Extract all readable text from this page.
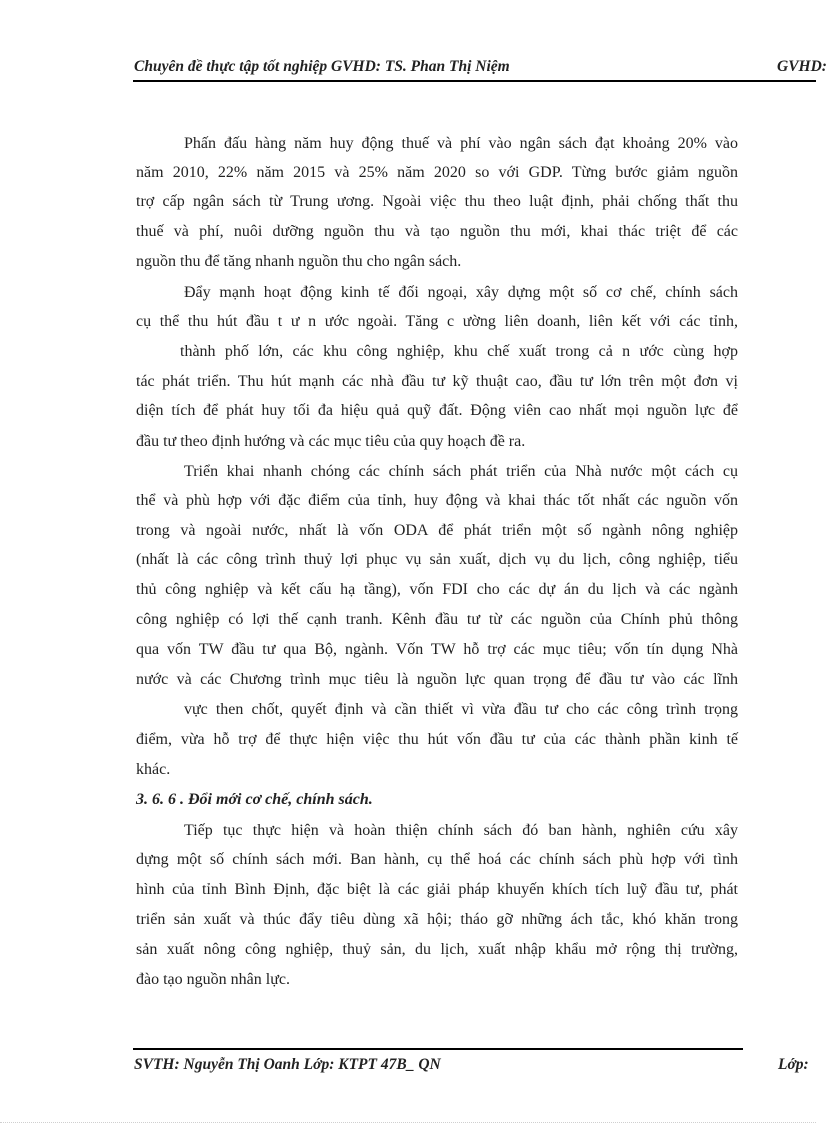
Chuyên đề thực tập tốt nghiệp GVHD: TS. Phan Thị Niệm	GVHD:
Phấn đấu hàng năm huy động thuế và phí vào ngân sách đạt khoảng 20% vào
năm 2010, 22% năm 2015 và 25% năm 2020 so với GDP. Từng bước giảm nguồn
trợ cấp ngân sách từ Trung ương. Ngoài việc thu theo luật định, phải chống thất thu
thuế và phí, nuôi dưỡng nguồn thu và tạo nguồn thu mới, khai thác triệt để các
nguồn thu để tăng nhanh nguồn thu cho ngân sách.
Đẩy mạnh hoạt động kinh tế đối ngoại, xây dựng một số cơ chế, chính sách
cụ thể thu hút đầu t ư n ước ngoài. Tăng c ường liên doanh, liên kết với các tỉnh,
thành phố lớn, các khu công nghiệp, khu chế xuất trong cả n ước cùng hợp
tác phát triển. Thu hút mạnh các nhà đầu tư kỹ thuật cao, đầu tư lớn trên một đơn vị
diện tích để phát huy tối đa hiệu quả quỹ đất. Động viên cao nhất mọi nguồn lực để
đầu tư theo định hướng và các mục tiêu của quy hoạch đề ra.
Triển khai nhanh chóng các chính sách phát triển của Nhà nước một cách cụ
thể và phù hợp với đặc điểm của tỉnh, huy động và khai thác tốt nhất các nguồn vốn
trong và ngoài nước, nhất là vốn ODA để phát triển một số ngành nông nghiệp
(nhất là các công trình thuỷ lợi phục vụ sản xuất, dịch vụ du lịch, công nghiệp, tiểu
thủ công nghiệp và kết cấu hạ tầng), vốn FDI cho các dự án du lịch và các ngành
công nghiệp có lợi thế cạnh tranh. Kênh đầu tư từ các nguồn của Chính phủ thông
qua vốn TW đầu tư qua Bộ, ngành. Vốn TW hỗ trợ các mục tiêu; vốn tín dụng Nhà
nước và các Chương trình mục tiêu là nguồn lực quan trọng để đầu tư vào các lĩnh
vực then chốt, quyết định và cần thiết vì vừa đầu tư cho các công trình trọng
điểm, vừa hỗ trợ để thực hiện việc thu hút vốn đầu tư của các thành phần kinh tế
khác.
3. 6. 6 . Đổi mới cơ chế, chính sách.
Tiếp tục thực hiện và hoàn thiện chính sách đó ban hành, nghiên cứu xây
dựng một số chính sách mới. Ban hành, cụ thể hoá các chính sách phù hợp với tình
hình của tỉnh Bình Định, đặc biệt là các giải pháp khuyến khích tích luỹ đầu tư, phát
triển sản xuất và thúc đẩy tiêu dùng xã hội; tháo gỡ những ách tắc, khó khăn trong
sản xuất nông công nghiệp, thuỷ sản, du lịch, xuất nhập khẩu mở rộng thị trường,
đào tạo nguồn nhân lực.
SVTH: Nguyễn Thị Oanh Lớp: KTPT 47B_ QN	Lớp:
